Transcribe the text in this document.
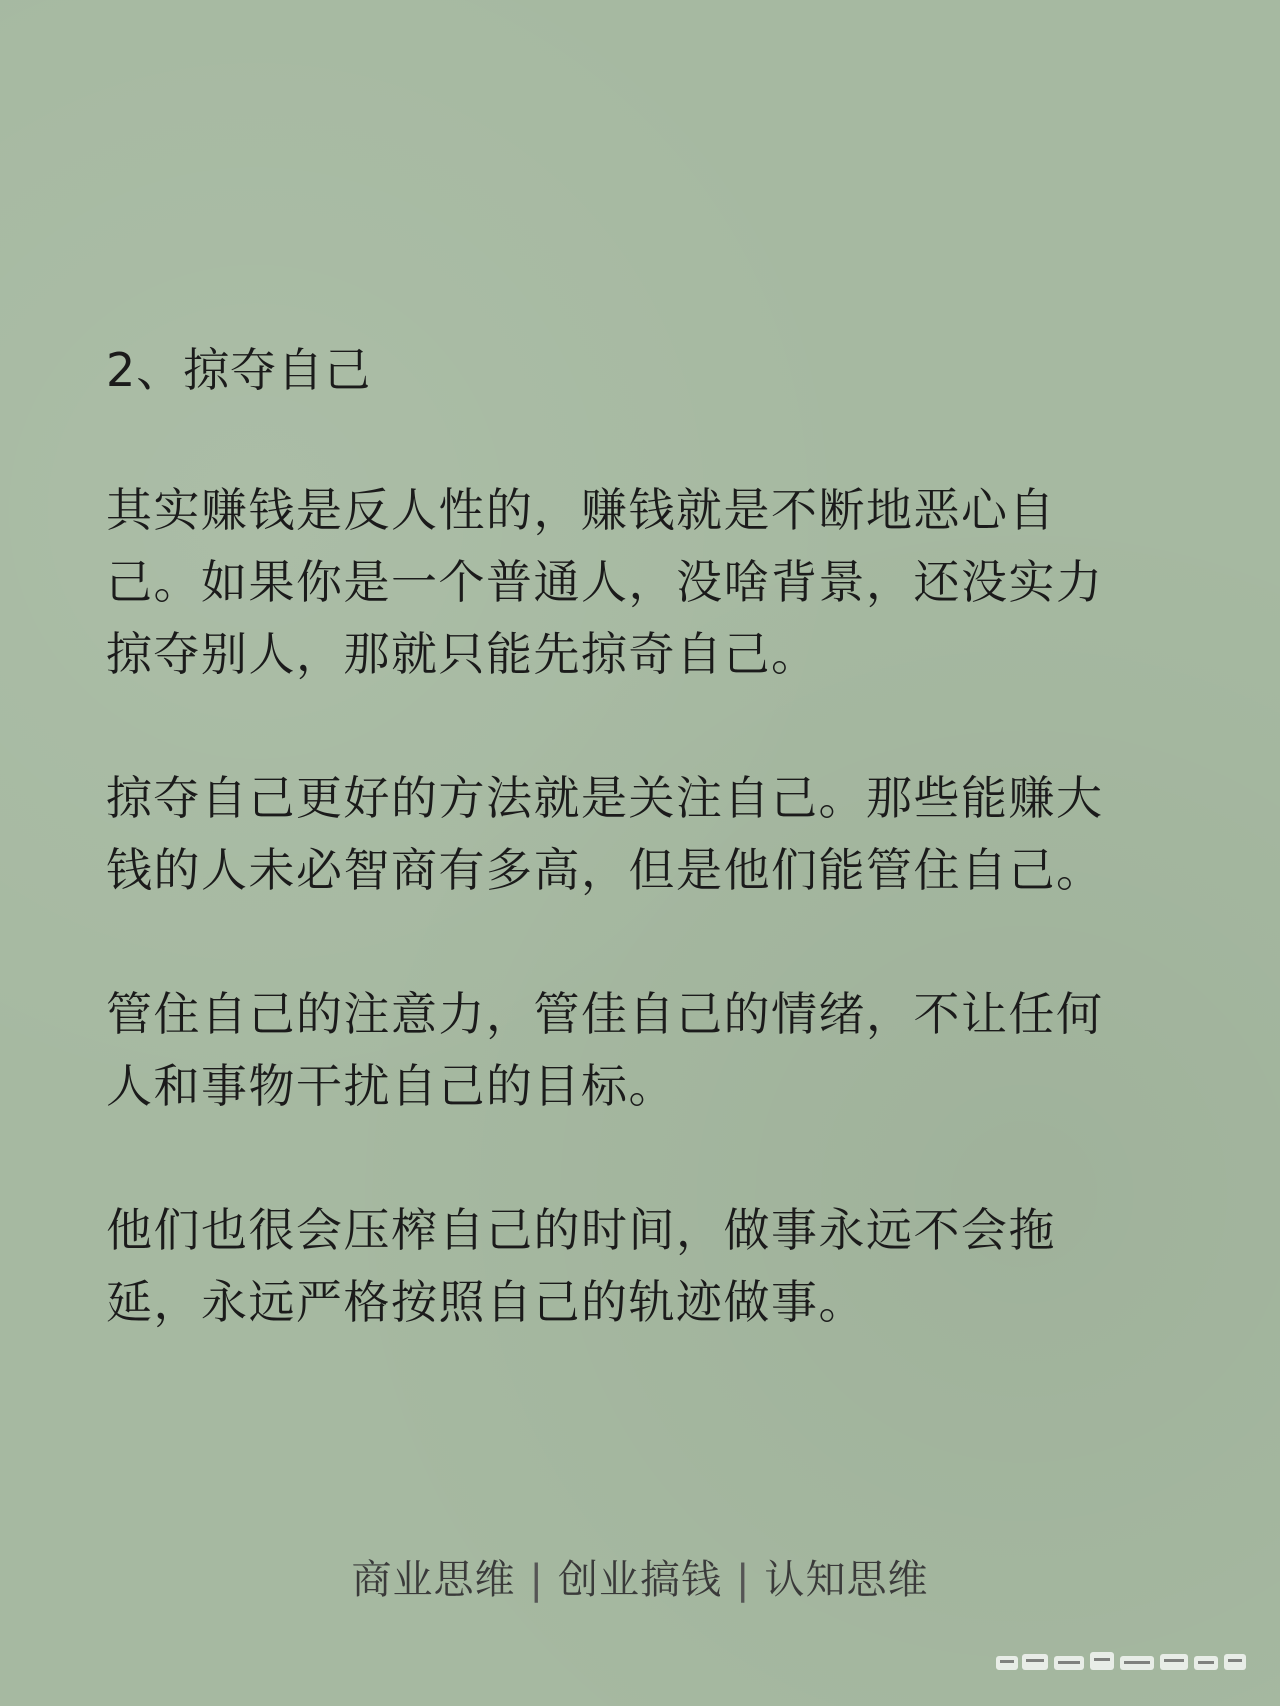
2、掠夺自己

其实赚钱是反人性的，赚钱就是不断地恶心自己。如果你是一个普通人，没啥背景，还没实力掠夺别人，那就只能先掠奇自己。

掠夺自己更好的方法就是关注自己。那些能赚大钱的人未必智商有多高，但是他们能管住自己。

管住自己的注意力，管佳自己的情绪，不让任何人和事物干扰自己的目标。

他们也很会压榨自己的时间，做事永远不会拖延，永远严格按照自己的轨迹做事。

商业思维 | 创业搞钱 | 认知思维
